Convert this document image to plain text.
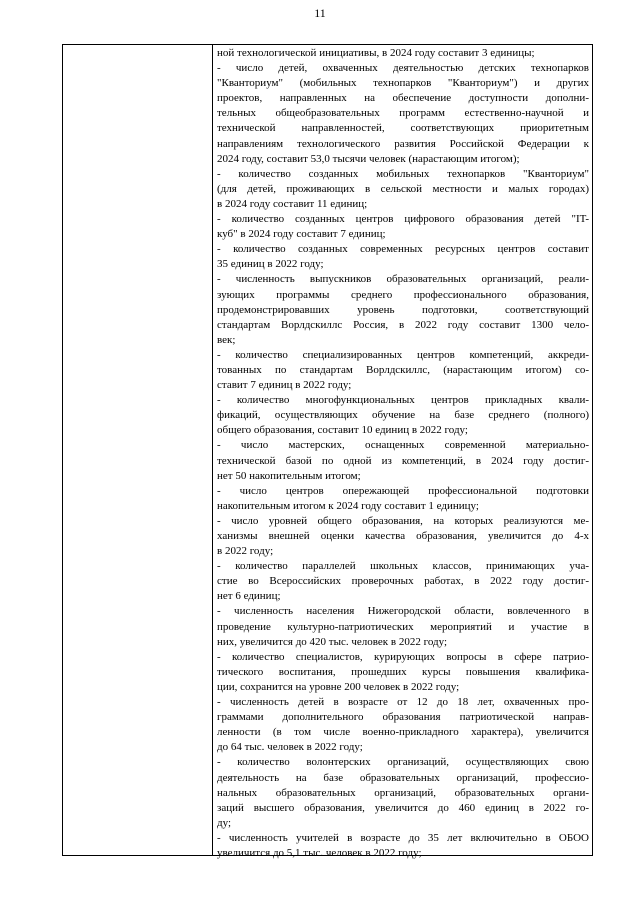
11
ной технологической инициативы, в 2024 году составит 3 единицы;
- число детей, охваченных деятельностью детских технопарков
"Кванториум" (мобильных технопарков "Кванториум") и других
проектов, направленных на обеспечение доступности дополни-
тельных общеобразовательных программ естественно-научной и
технической направленностей, соответствующих приоритетным
направлениям технологического развития Российской Федерации к
2024 году, составит 53,0 тысячи человек (нарастающим итогом);
- количество созданных мобильных технопарков "Кванториум"
(для детей, проживающих в сельской местности и малых городах)
в 2024 году составит 11 единиц;
- количество созданных центров цифрового образования детей "IT-
куб" в 2024 году составит 7 единиц;
- количество созданных современных ресурсных центров составит
35 единиц в 2022 году;
- численность выпускников образовательных организаций, реали-
зующих программы среднего профессионального образования,
продемонстрировавших уровень подготовки, соответствующий
стандартам Ворлдскиллс Россия, в 2022 году составит 1300 чело-
век;
- количество специализированных центров компетенций, аккреди-
тованных по стандартам Ворлдскиллс, (нарастающим итогом) со-
ставит 7 единиц в 2022 году;
- количество многофункциональных центров прикладных квали-
фикаций, осуществляющих обучение на базе среднего (полного)
общего образования, составит 10 единиц в 2022 году;
- число мастерских, оснащенных современной материально-
технической базой по одной из компетенций, в 2024 году достиг-
нет 50 накопительным итогом;
- число центров опережающей профессиональной подготовки
накопительным итогом к 2024 году составит 1 единицу;
- число уровней общего образования, на которых реализуются ме-
ханизмы внешней оценки качества образования, увеличится до 4-х
в 2022 году;
- количество параллелей школьных классов, принимающих уча-
стие во Всероссийских проверочных работах, в 2022 году достиг-
нет 6 единиц;
- численность населения Нижегородской области, вовлеченного в
проведение культурно-патриотических мероприятий и участие в
них, увеличится до 420 тыс. человек в 2022 году;
- количество специалистов, курирующих вопросы в сфере патрио-
тического воспитания, прошедших курсы повышения квалифика-
ции, сохранится на уровне 200 человек в 2022 году;
- численность детей в возрасте от 12 до 18 лет, охваченных про-
граммами дополнительного образования патриотической направ-
ленности (в том числе военно-прикладного характера), увеличится
до 64 тыс. человек в 2022 году;
- количество волонтерских организаций, осуществляющих свою
деятельность на базе образовательных организаций, профессио-
нальных образовательных организаций, образовательных органи-
заций высшего образования, увеличится до 460 единиц в 2022 го-
ду;
- численность учителей в возрасте до 35 лет включительно в ОБОО
увеличится до 5,1 тыс. человек в 2022 году;
